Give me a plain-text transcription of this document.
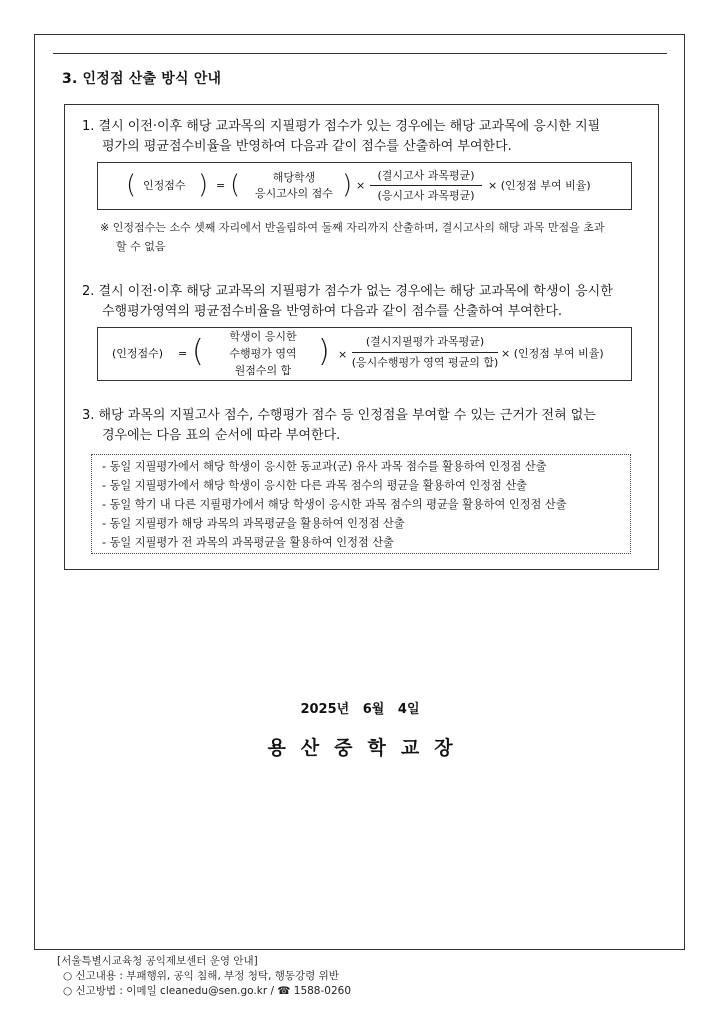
3. 인정점 산출 방식 안내
1. 결시 이전·이후 해당 교과목의 지필평가 점수가 있는 경우에는 해당 교과목에 응시한 지필
평가의 평균점수비율을 반영하여 다음과 같이 점수를 산출하여 부여한다.
( 인정점수 ) = (	해당학생
응시고사의 점수 ) ×
(결시고사 과목평균)
(응시고사 과목평균)
× (인정점 부여 비율)
※ 인정점수는 소수 셋째 자리에서 반올림하여 둘째 자리까지 산출하며, 결시고사의 해당 과목 만점을 초과
할 수 없음
2. 결시 이전·이후 해당 교과목의 지필평가 점수가 없는 경우에는 해당 교과목에 학생이 응시한
수행평가영역의 평균점수비율을 반영하여 다음과 같이 점수를 산출하여 부여한다.
(인정점수) = (	학생이 응시한
수행평가 영역
원점수의 합
) ×
(결시지필평가 과목평균)
(응시수행평가 영역 평균의 합)
× (인정점 부여 비율)
3. 해당 과목의 지필고사 점수, 수행평가 점수 등 인정점을 부여할 수 있는 근거가 전혀 없는
경우에는 다음 표의 순서에 따라 부여한다.
- 동일 지필평가에서 해당 학생이 응시한 동교과(군) 유사 과목 점수를 활용하여 인정점 산출
- 동일 지필평가에서 해당 학생이 응시한 다른 과목 점수의 평균을 활용하여 인정점 산출
- 동일 학기 내 다른 지필평가에서 해당 학생이 응시한 과목 점수의 평균을 활용하여 인정점 산출
- 동일 지필평가 해당 과목의 과목평균을 활용하여 인정점 산출
- 동일 지필평가 전 과목의 과목평균을 활용하여 인정점 산출
2025년   6월   4일
용산중학교장
[서울특별시교육청 공익제보센터 운영 안내]
○ 신고내용 : 부패행위, 공익 침해, 부정 청탁, 행동강령 위반
○ 신고방법 : 이메일 cleanedu@sen.go.kr / ☎ 1588-0260
